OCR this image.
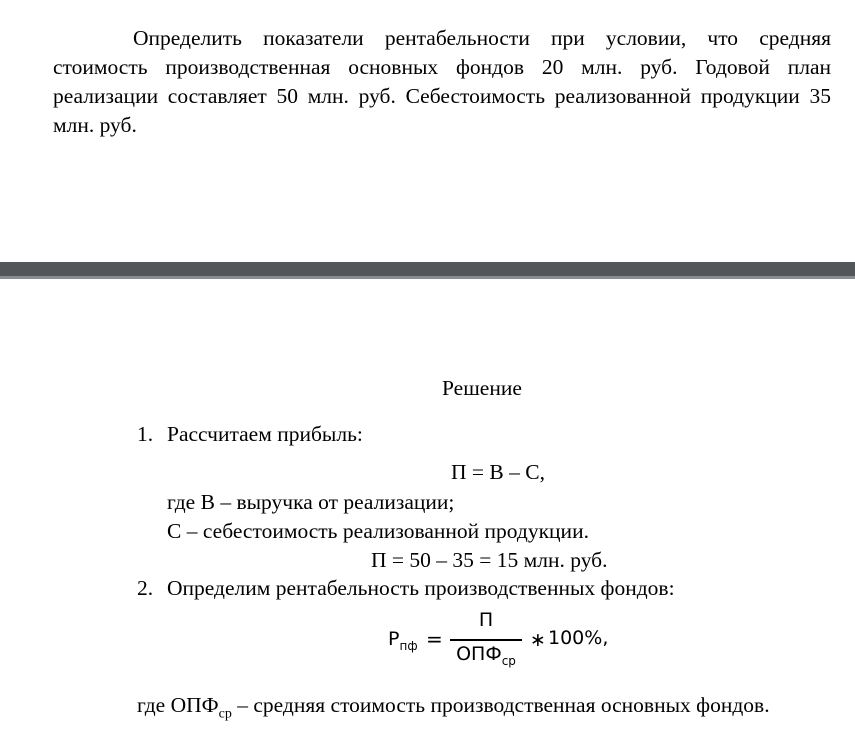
Определить показатели рентабельности при условии, что средняя стоимость производственная основных фондов 20 млн. руб. Годовой план реализации составляет 50 млн. руб. Себестоимость реализованной продукции 35 млн. руб.

Решение
1. Рассчитаем прибыль:
П = В – С,
где В – выручка от реализации;
С – себестоимость реализованной продукции.
П = 50 – 35 = 15 млн. руб.
2. Определим рентабельность производственных фондов:
$Р_{пф}$ =
П
$ОПФ_{ср}$
∗ 100%,
где $ОПФ_{ср}$ – средняя стоимость производственная основных фондов.
